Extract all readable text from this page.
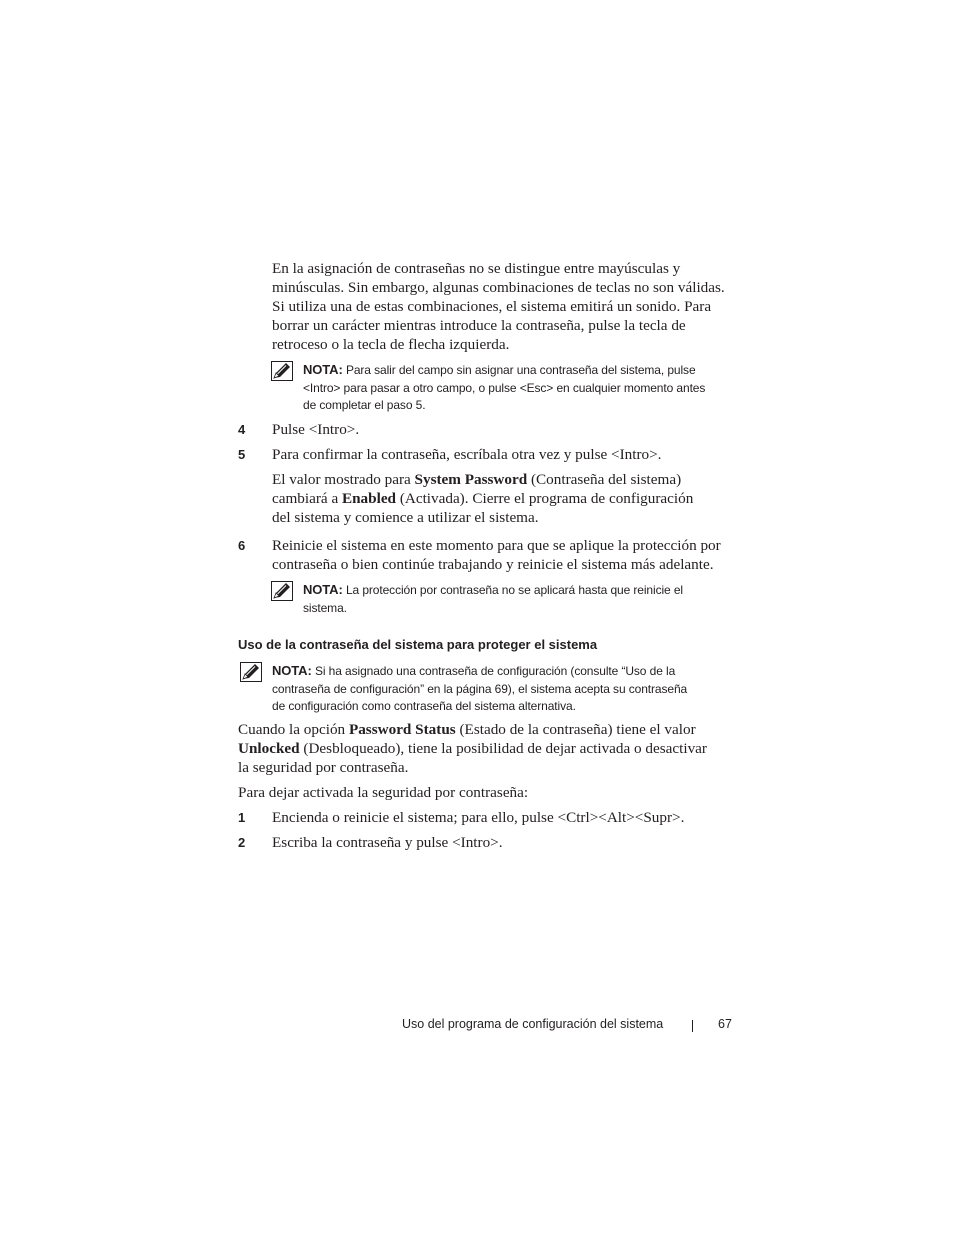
En la asignación de contraseñas no se distingue entre mayúsculas y
minúsculas. Sin embargo, algunas combinaciones de teclas no son válidas.
Si utiliza una de estas combinaciones, el sistema emitirá un sonido. Para
borrar un carácter mientras introduce la contraseña, pulse la tecla de
retroceso o la tecla de flecha izquierda.
NOTA: Para salir del campo sin asignar una contraseña del sistema, pulse
<Intro> para pasar a otro campo, o pulse <Esc> en cualquier momento antes
de completar el paso 5.
4	Pulse <Intro>.
5	Para confirmar la contraseña, escríbala otra vez y pulse <Intro>.
El valor mostrado para System Password (Contraseña del sistema)
cambiará a Enabled (Activada). Cierre el programa de configuración
del sistema y comience a utilizar el sistema.
6	Reinicie el sistema en este momento para que se aplique la protección por
contraseña o bien continúe trabajando y reinicie el sistema más adelante.
NOTA: La protección por contraseña no se aplicará hasta que reinicie el
sistema.
Uso de la contraseña del sistema para proteger el sistema
NOTA: Si ha asignado una contraseña de configuración (consulte “Uso de la
contraseña de configuración” en la página 69), el sistema acepta su contraseña
de configuración como contraseña del sistema alternativa.
Cuando la opción Password Status (Estado de la contraseña) tiene el valor
Unlocked (Desbloqueado), tiene la posibilidad de dejar activada o desactivar
la seguridad por contraseña.
Para dejar activada la seguridad por contraseña:
1	Encienda o reinicie el sistema; para ello, pulse <Ctrl><Alt><Supr>.
2	Escriba la contraseña y pulse <Intro>.
Uso del programa de configuración del sistema	67
